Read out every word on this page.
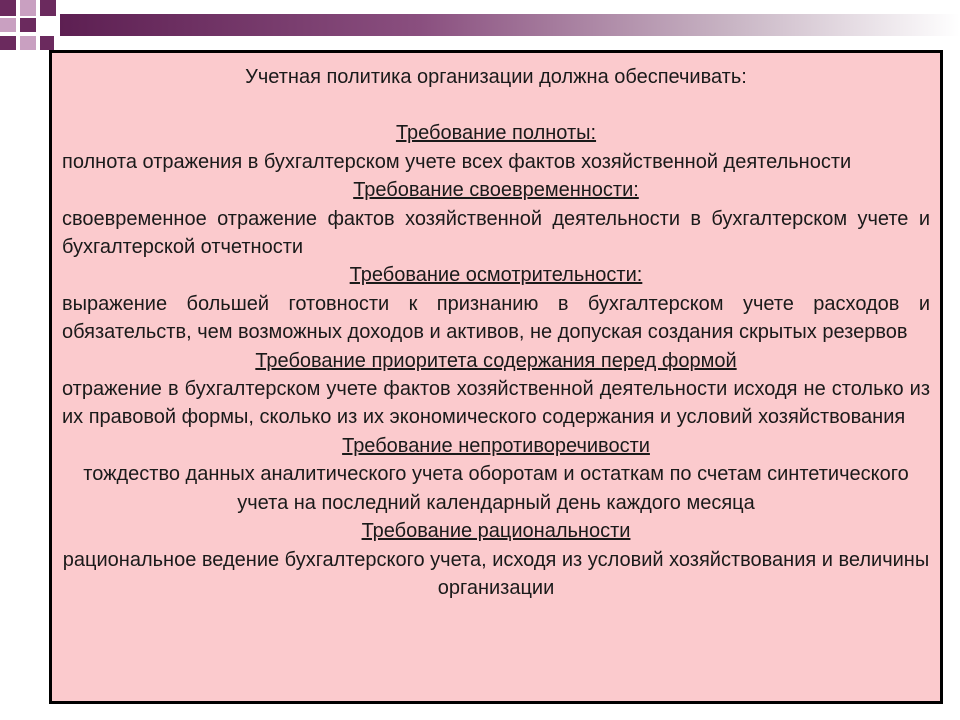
Учетная политика организации должна обеспечивать:

Требование полноты:

полнота отражения в бухгалтерском учете всех фактов хозяйственной деятельности

Требование своевременности:

своевременное отражение фактов хозяйственной деятельности в бухгалтерском учете и бухгалтерской отчетности

Требование осмотрительности:

выражение большей готовности к признанию в бухгалтерском учете расходов и обязательств, чем возможных доходов и активов, не допуская создания скрытых резервов

Требование приоритета содержания перед формой

отражение в бухгалтерском учете фактов хозяйственной деятельности исходя не столько из их правовой формы, сколько из их экономического содержания и условий хозяйствования

Требование непротиворечивости

тождество данных аналитического учета оборотам и остаткам по счетам синтетического учета на последний календарный день каждого месяца

Требование рациональности

рациональное ведение бухгалтерского учета, исходя из условий хозяйствования и величины организации
